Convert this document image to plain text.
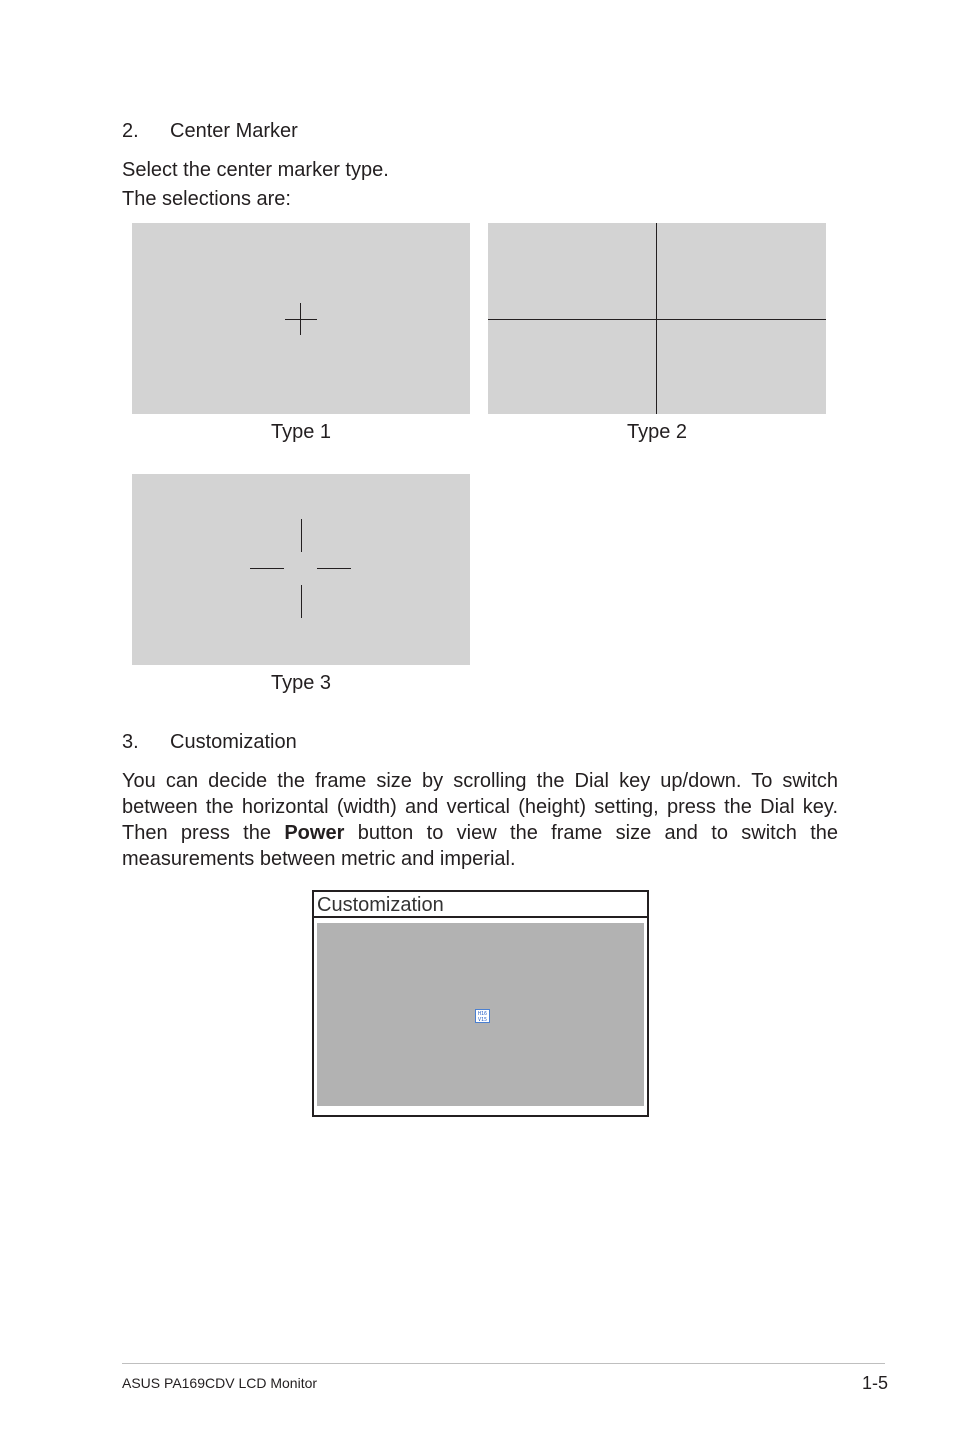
2. Center Marker
Select the center marker type.
The selections are:
Type 1	Type 2
Type 3
3. Customization
You can decide the frame size by scrolling the Dial key up/down. To switch between the horizontal (width) and vertical (height) setting, press the Dial key. Then press the Power button to view the frame size and to switch the measurements between metric and imperial.
Customization
H16
V15
ASUS PA169CDV LCD Monitor	1-5
